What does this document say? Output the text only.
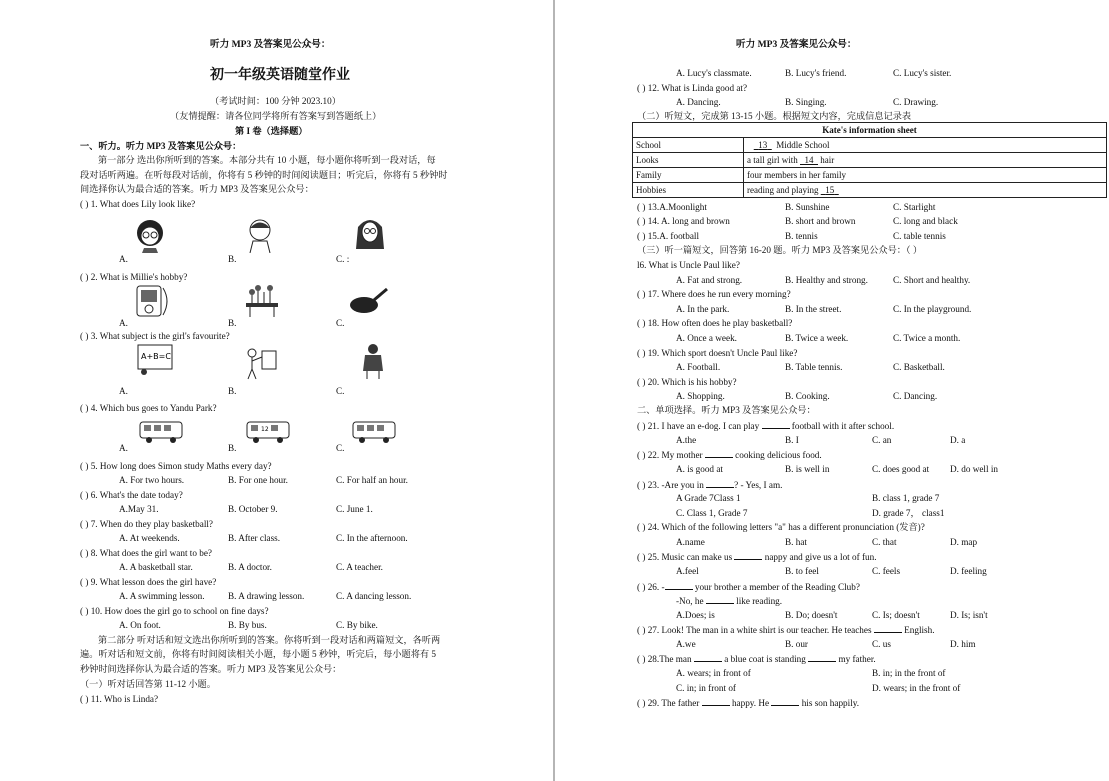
听力 MP3 及答案见公众号：
初一年级英语随堂作业
（考试时间：100 分钟 2023.10）
（友情提醒：请各位同学将所有答案写到答题纸上）
第 I 卷（选择题）
一、听力。听力 MP3 及答案见公众号：
第一部分 选出你所听到的答案。本部分共有 10 小题，每小题你将听到一段对话，每
段对话听两遍。在听每段对话前，你将有 5 秒钟的时间阅读题目；听完后，你将有 5 秒钟时
间选择你认为最合适的答案。听力 MP3 及答案见公众号：
( ) 1. What does Lily look like?
A.	B.	C. :
( ) 2. What is Millie's hobby?
A.	B.	C.
( ) 3. What subject is the girl's favourite?
A+B=C
A.	B.	C.
( ) 4. Which bus goes to Yandu Park?
A.
12
B.	C.
( ) 5. How long does Simon study Maths every day?
A. For two hours.	B. For one hour.	C. For half an hour.
( ) 6. What's the date today?
A.May 31.	B. October 9.	C. June 1.
( ) 7. When do they play basketball?
A. At weekends.	B. After class.	C. In the afternoon.
( ) 8. What does the girl want to be?
A. A basketball star.	B. A doctor.	C. A teacher.
( ) 9. What lesson does the girl have?
A. A swimming lesson.	B. A drawing lesson.	C. A dancing lesson.
( ) 10. How does the girl go to school on fine days?
A. On foot.	B. By bus.	C. By bike.
第二部分 听对话和短文选出你所听到的答案。你将听到一段对话和两篇短文，各听两
遍。听对话和短文前，你将有时间阅读相关小题，每小题 5 秒钟，听完后，每小题将有 5
秒钟时间选择你认为最合适的答案。听力 MP3 及答案见公众号：
（一）听对话回答第 11-12 小题。
( ) 11. Who is Linda?
听力 MP3 及答案见公众号：
A. Lucy's classmate.	B. Lucy's friend.	C. Lucy's sister.
( ) 12. What is Linda good at?
A. Dancing.	B. Singing.	C. Drawing.
（二）听短文，完成第 13-15 小题。根据短文内容，完成信息记录表
Kate's information sheet	
School	13 Middle School
Looks	a tall girl with   14   hair
Family	four members in her family
Hobbies	reading and playing   15
( ) 13.A.Moonlight	B. Sunshine	C. Starlight
( ) 14. A. long and brown	B. short and brown	C. long and black
( ) 15.A. football	B. tennis	C. table tennis
（三）听一篇短文，回答第 16-20 题。听力 MP3 及答案见公众号：（ ）
l6. What is Uncle Paul like?
A. Fat and strong.	B. Healthy and strong.	C. Short and healthy.
( ) 17. Where does he run every morning?
A. In the park.	B. In the street.	C. In the playground.
( ) 18. How often does he play basketball?
A. Once a week.	B. Twice a week.	C. Twice a month.
( ) 19. Which sport doesn't Uncle Paul like?
A. Football.	B. Table tennis.	C. Basketball.
( ) 20. Which is his hobby?
A. Shopping.	B. Cooking.	C. Dancing.
二、单项选择。听力 MP3 及答案见公众号：
( ) 21. I have an e-dog. I can play	football with it after school.
A.the	B. I	C. an	D. a
( ) 22. My mother	cooking delicious food.
A. is good at	B. is well in	C. does good at D. do well in
( ) 23. -Are you in	? - Yes, I am.
A Grade 7Class 1	B. class 1, grade 7
C. Class 1, Grade 7	D. grade 7， class1
( ) 24. Which of the following letters "a" has a different pronunciation (发音)?
A.name	B. hat	C. that	D. map
( ) 25. Music can make us	nappy and give us a lot of fun.
A.feel	B. to feel	C. feels	D. feeling
( ) 26. -	your brother a member of the Reading Club?
-No, he	like reading.
A.Does; is	B. Do; doesn't	C. Is; doesn't	D. Is; isn't
( ) 27. Look! The man in a white shirt is our teacher. He teaches	English.
A.we	B. our	C. us	D. him
( ) 28.The man	a blue coat is standing	my father.
A. wears; in front of	B. in; in the front of
C. in; in front of	D. wears; in the front of
( ) 29. The father	happy. He	his son happily.
